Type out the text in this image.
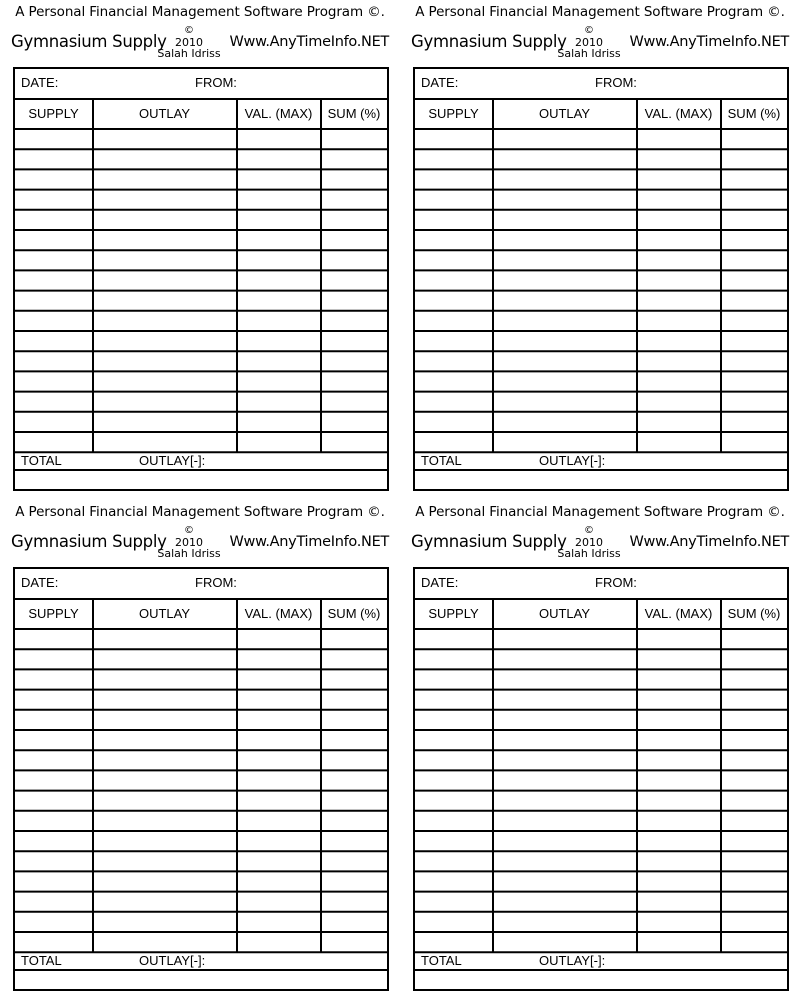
A Personal Financial Management Software Program ©.
Gymnasium Supply
©
2010
Salah Idriss
Www.AnyTimeInfo.NET
DATE:	FROM:
SUPPLY	OUTLAY	VAL. (MAX)	SUM (%)
TOTAL	OUTLAY[-]:
A Personal Financial Management Software Program ©.
Gymnasium Supply
©
2010
Salah Idriss
Www.AnyTimeInfo.NET
DATE:	FROM:
SUPPLY	OUTLAY	VAL. (MAX)	SUM (%)
TOTAL	OUTLAY[-]:
A Personal Financial Management Software Program ©.
Gymnasium Supply
©
2010
Salah Idriss
Www.AnyTimeInfo.NET
DATE:	FROM:
SUPPLY	OUTLAY	VAL. (MAX)	SUM (%)
TOTAL	OUTLAY[-]:
A Personal Financial Management Software Program ©.
Gymnasium Supply
©
2010
Salah Idriss
Www.AnyTimeInfo.NET
DATE:	FROM:
SUPPLY	OUTLAY	VAL. (MAX)	SUM (%)
TOTAL	OUTLAY[-]:
